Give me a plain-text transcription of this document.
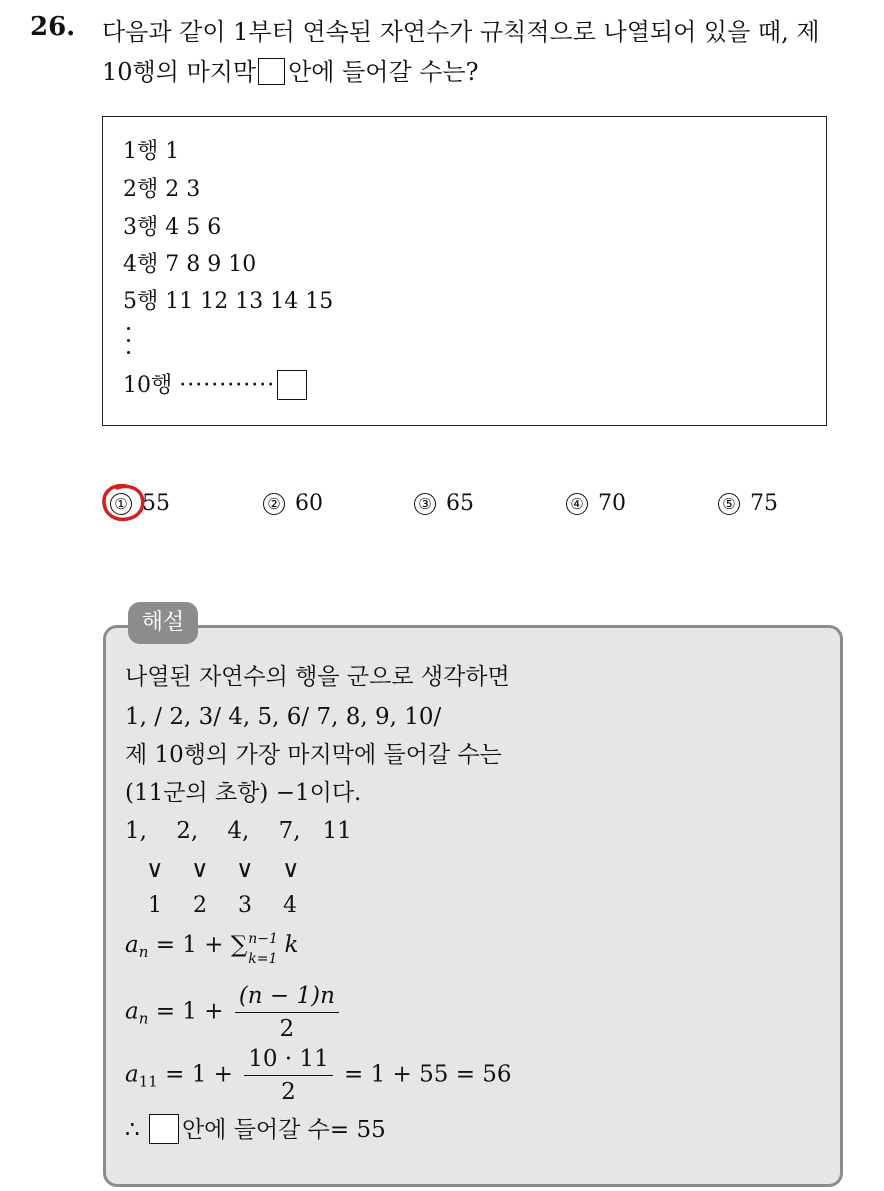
26. 다음과 같이 1부터 연속된 자연수가 규칙적으로 나열되어 있을 때, 제
10행의 마지막 안에 들어갈 수는?
1행 1
2행 2 3
3행 4 5 6
4행 7 8 9 10
5행 11 12 13 14 15
10행 ············
① 55	② 60	③ 65	④ 70	⑤ 75
해설
나열된 자연수의 행을 군으로 생각하면
1, / 2, 3/ 4, 5, 6/ 7, 8, 9, 10/
제 10행의 가장 마지막에 들어갈 수는
(11군의 초항) −1이다.
1,    2,    4,    7,   11
∨ ∨ ∨ ∨
1 2 3 4
$a_n = 1$ + ∑ n−1
k=1
k
$a_n = 1 + \frac{(n - 1)n}{2}$
$a_{11} = 1 + \frac{10 \cdot 11}{2} = 1 + 55 = 56$
∴ 안에 들어갈 수= 55
